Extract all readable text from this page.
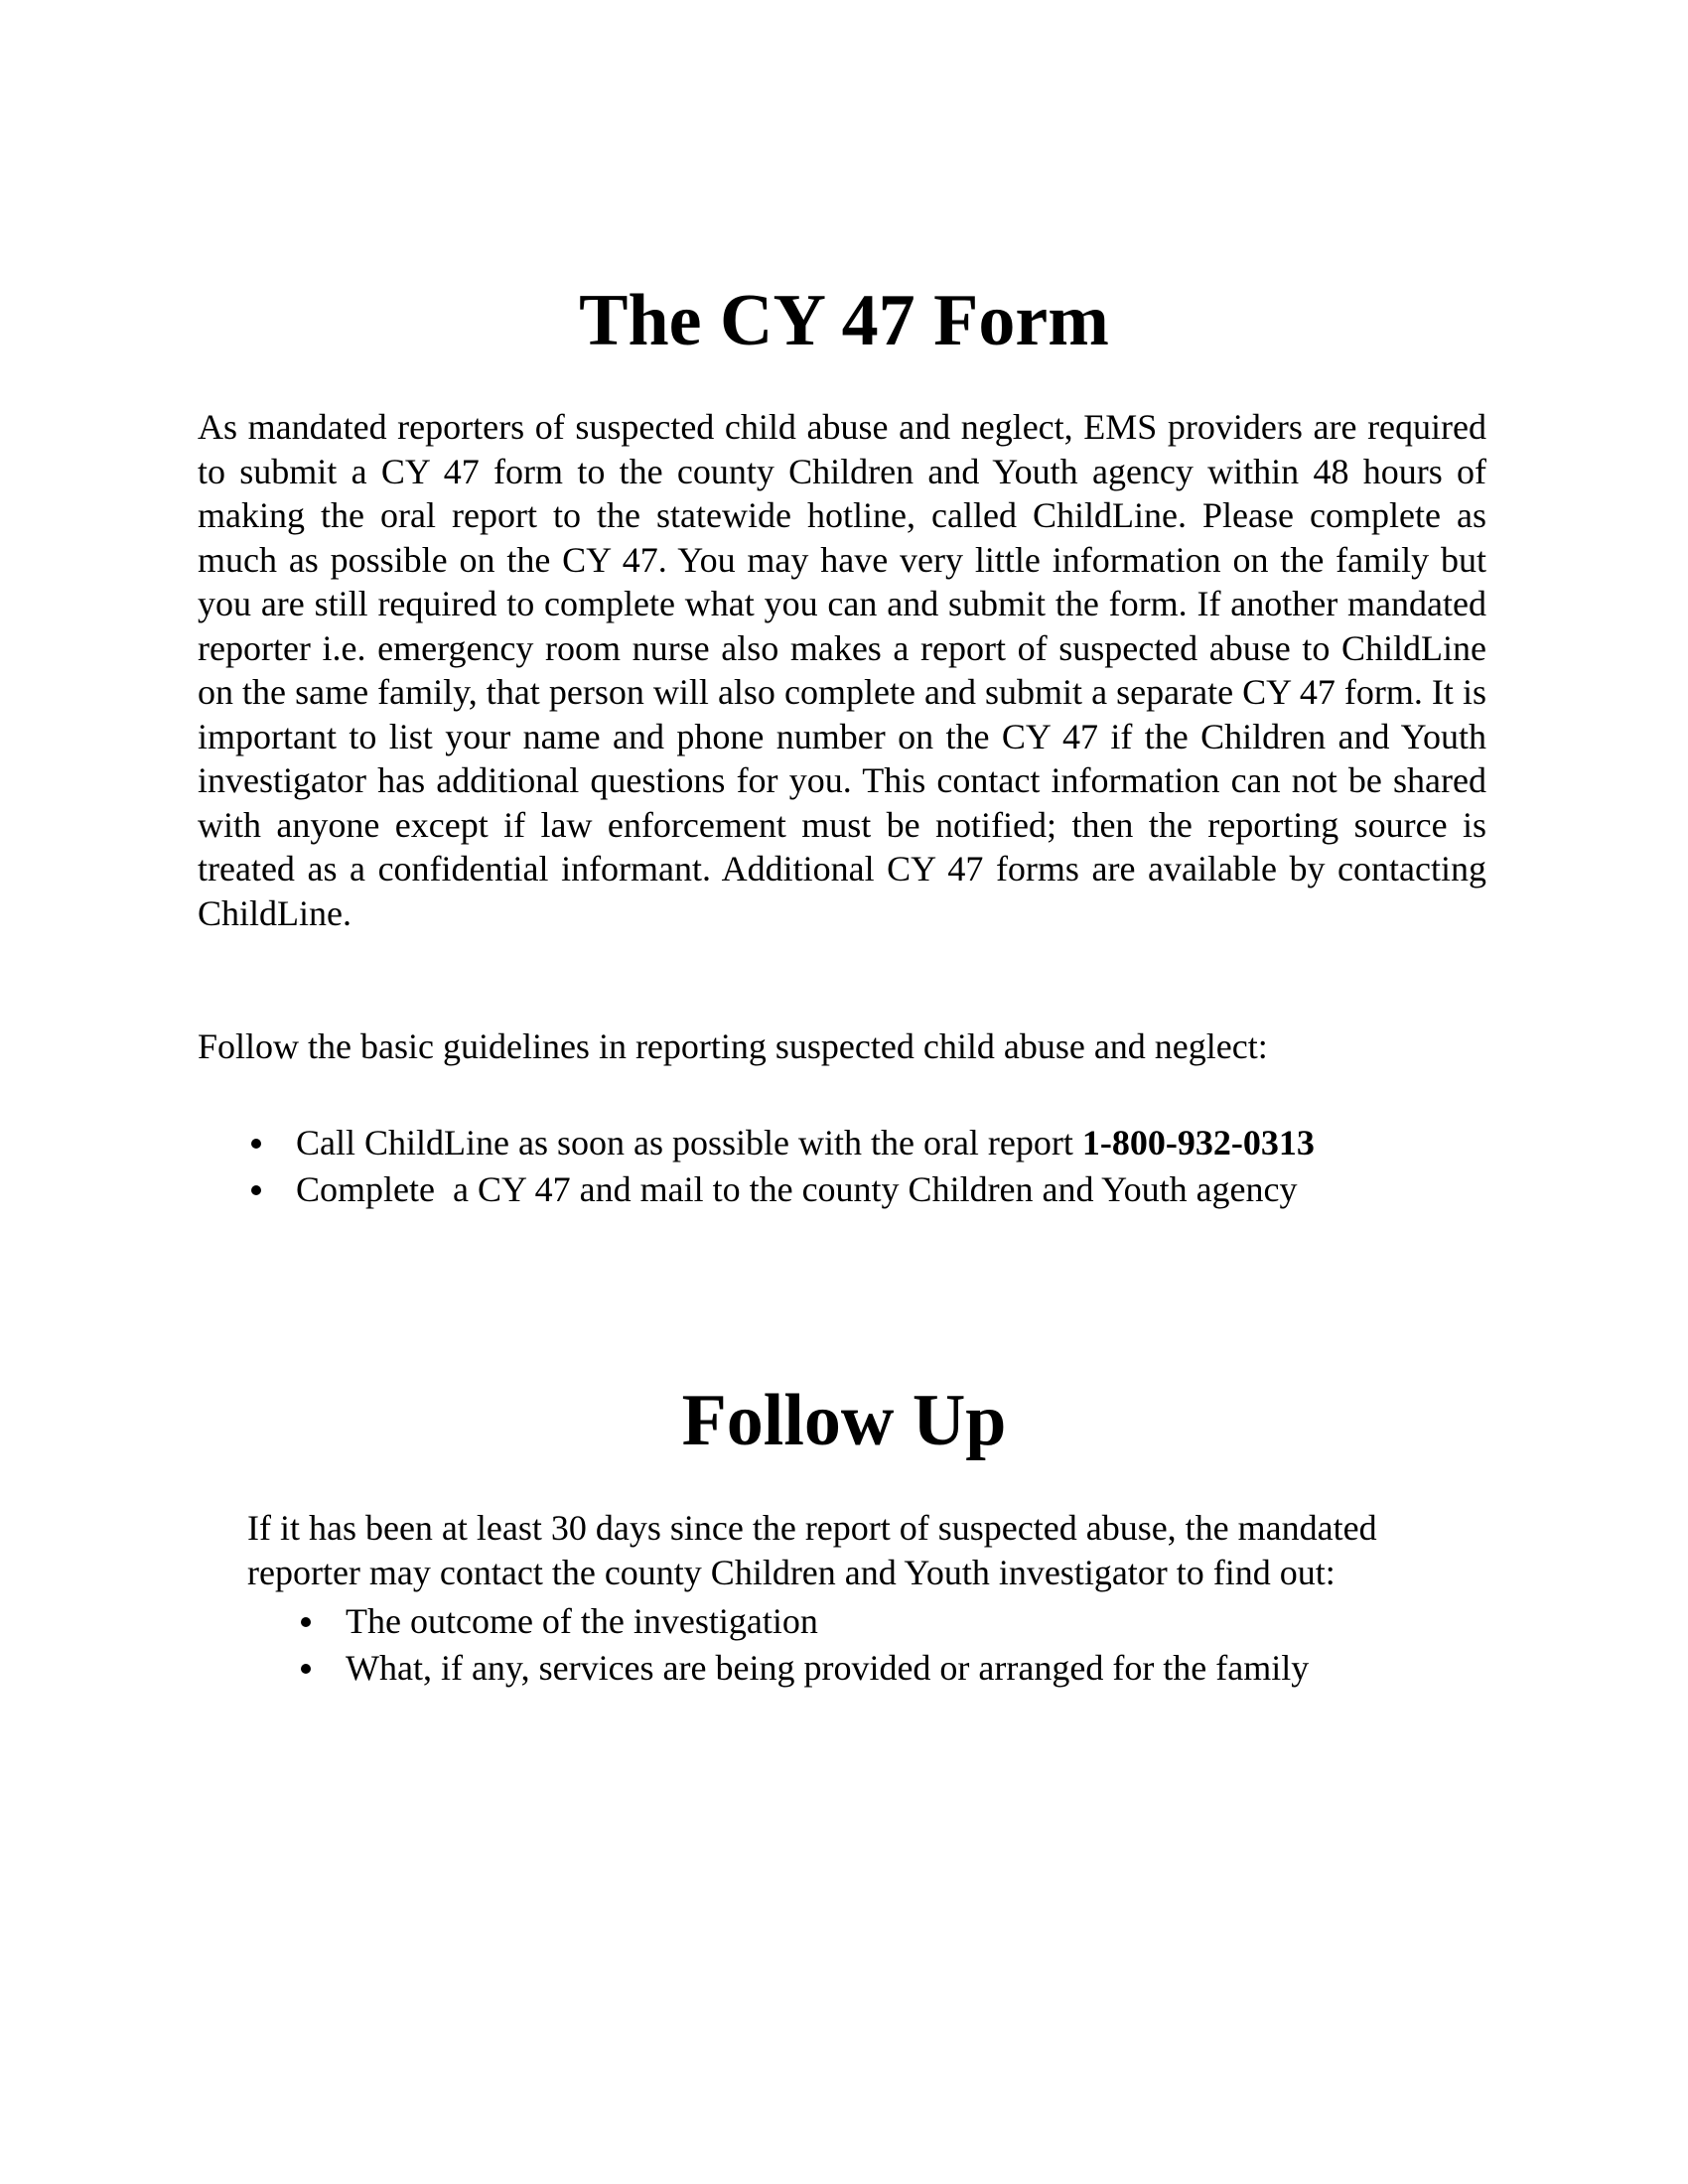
The CY 47 Form

As mandated reporters of suspected child abuse and neglect, EMS providers are required to submit a CY 47 form to the county Children and Youth agency within 48 hours of making the oral report to the statewide hotline, called ChildLine. Please complete as much as possible on the CY 47. You may have very little information on the family but you are still required to complete what you can and submit the form. If another mandated reporter i.e. emergency room nurse also makes a report of suspected abuse to ChildLine on the same family, that person will also complete and submit a separate CY 47 form. It is important to list your name and phone number on the CY 47 if the Children and Youth investigator has additional questions for you. This contact information can not be shared with anyone except if law enforcement must be notified; then the reporting source is treated as a confidential informant. Additional CY 47 forms are available by contacting ChildLine.

Follow the basic guidelines in reporting suspected child abuse and neglect:

Call ChildLine as soon as possible with the oral report 1-800-932-0313
Complete  a CY 47 and mail to the county Children and Youth agency
Follow Up

If it has been at least 30 days since the report of suspected abuse, the mandated reporter may contact the county Children and Youth investigator to find out:

The outcome of the investigation
What, if any, services are being provided or arranged for the family
